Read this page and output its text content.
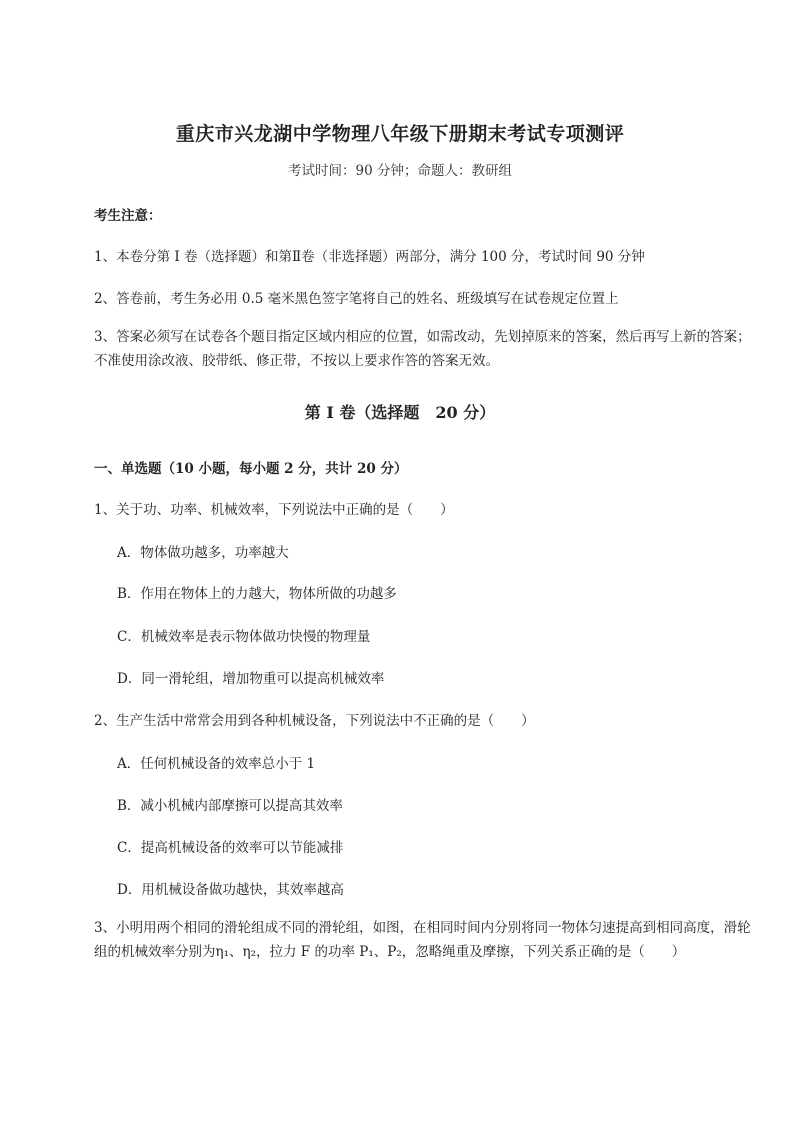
重庆市兴龙湖中学物理八年级下册期末考试专项测评
考试时间：90 分钟；命题人：教研组
考生注意：
1、本卷分第 I 卷（选择题）和第Ⅱ卷（非选择题）两部分，满分 100 分，考试时间 90 分钟
2、答卷前，考生务必用 0.5 毫米黑色签字笔将自己的姓名、班级填写在试卷规定位置上
3、答案必须写在试卷各个题目指定区域内相应的位置，如需改动，先划掉原来的答案，然后再写上新的答案；不准使用涂改液、胶带纸、修正带，不按以上要求作答的答案无效。
第 I 卷（选择题　20 分）
一、单选题（10 小题，每小题 2 分，共计 20 分）
1、关于功、功率、机械效率，下列说法中正确的是（　　）
A．物体做功越多，功率越大
B．作用在物体上的力越大，物体所做的功越多
C．机械效率是表示物体做功快慢的物理量
D．同一滑轮组，增加物重可以提高机械效率
2、生产生活中常常会用到各种机械设备，下列说法中不正确的是（　　）
A．任何机械设备的效率总小于 1
B．减小机械内部摩擦可以提高其效率
C．提高机械设备的效率可以节能减排
D．用机械设备做功越快，其效率越高
3、小明用两个相同的滑轮组成不同的滑轮组，如图，在相同时间内分别将同一物体匀速提高到相同高度，滑轮组的机械效率分别为η₁、η₂，拉力 F 的功率 P₁、P₂，忽略绳重及摩擦，下列关系正确的是（　　）
